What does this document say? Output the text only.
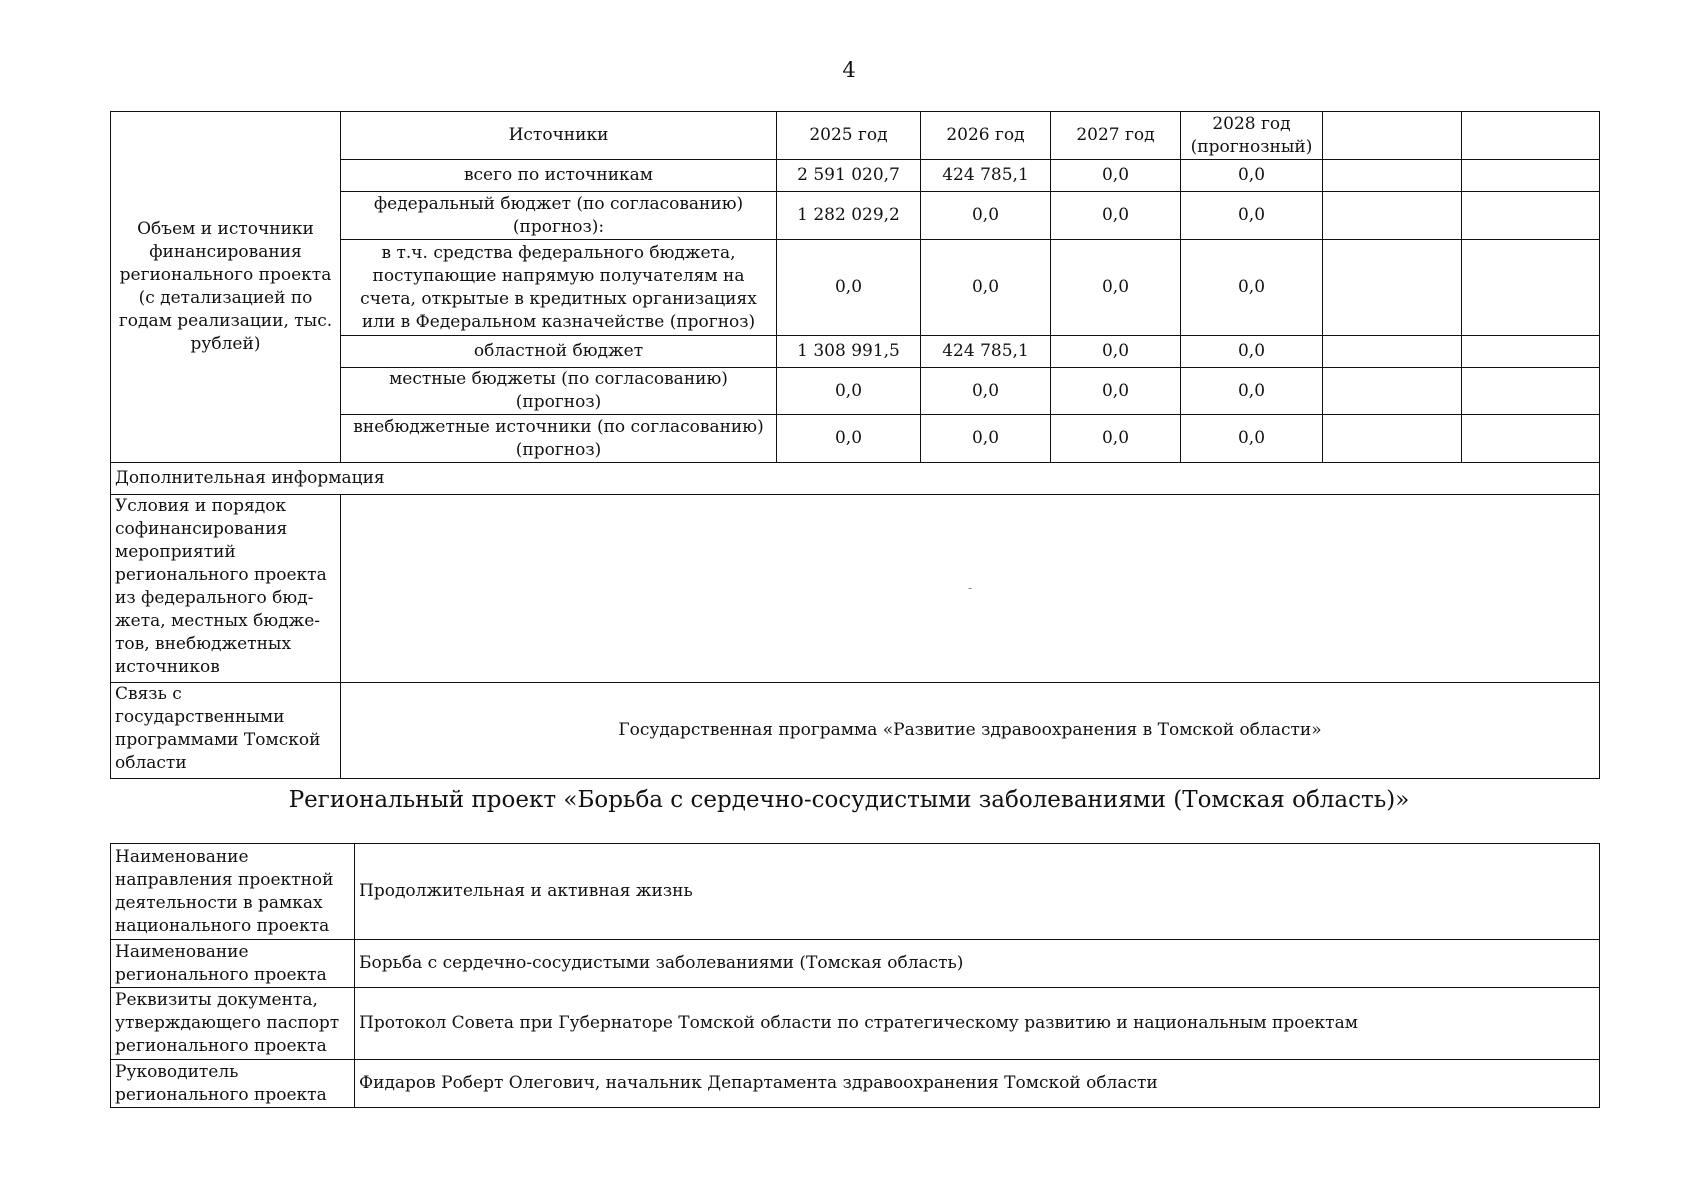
4
Объем и источники финансирования регионального проекта (с детализацией по годам реализации, тыс. рублей)	Источники	2025 год	2026 год	2027 год	2028 год (прогнозный)		
	всего по источникам	2 591 020,7	424 785,1	0,0	0,0		
	федеральный бюджет (по согласованию) (прогноз):	1 282 029,2	0,0	0,0	0,0		
	в т.ч. средства федерального бюджета, поступающие напрямую получателям на счета, открытые в кредитных организациях или в Федеральном казначействе (прогноз)	0,0	0,0	0,0	0,0		
	областной бюджет	1 308 991,5	424 785,1	0,0	0,0		
	местные бюджеты (по согласованию) (прогноз)	0,0	0,0	0,0	0,0		
	внебюджетные источники (по согласованию) (прогноз)	0,0	0,0	0,0	0,0		
Дополнительная информация							
Условия и порядок софинансирования мероприятий регионального проекта из федерального бюд-жета, местных бюдже-тов, внебюджетных источников	-						
Связь с государственными программами Томской области	Государственная программа «Развитие здравоохранения в Томской области»						
Региональный проект «Борьба с сердечно-сосудистыми заболеваниями (Томская область)»
Наименование направления проектной деятельности в рамках национального проекта	Продолжительная и активная жизнь
Наименование регионального проекта	Борьба с сердечно-сосудистыми заболеваниями (Томская область)
Реквизиты документа, утверждающего паспорт регионального проекта	Протокол Совета при Губернаторе Томской области по стратегическому развитию и национальным проектам
Руководитель регионального проекта	Фидаров Роберт Олегович, начальник Департамента здравоохранения Томской области
